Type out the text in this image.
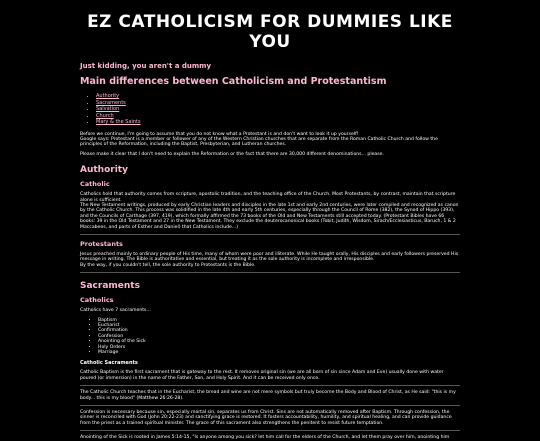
EZ CATHOLICISM FOR DUMMIES LIKE YOU
Just kidding, you aren't a dummy
Main differences between Catholicism and Protestantism
• Authority
• Sacraments
• Salvation
• Church
• Mary & the Saints

Before we continue, I'm going to assume that you do not know what a Protestant is and don't want to look it up yourself!
Google says: Protestant is a member or follower of any of the Western Christian churches that are separate from the Roman Catholic Church and follow the principles of the Reformation, including the Baptist, Presbyterian, and Lutheran churches.

Please make it clear that I don't need to explain the Reformation or the fact that there are 30,000 different denominations... please.

Authority
Catholic

Catholics hold that authority comes from scripture, apostolic tradition, and the teaching office of the Church. Most Protestants, by contrast, maintain that scripture alone is sufficient.
The New Testament writings, produced by early Christian leaders and disciples in the late 1st and early 2nd centuries, were later compiled and recognized as canon by the Catholic Church. This process was solidified in the late 4th and early 5th centuries, especially through the Council of Rome (382), the Synod of Hippo (393), and the Councils of Carthage (397, 419), which formally affirmed the 73 books of the Old and New Testaments still accepted today. (Protestant Bibles have 66 books: 39 in the Old Testament and 27 in the New Testament. They exclude the deuterocanonical books (Tobit, Judith, Wisdom, Sirach/Ecclesiasticus, Baruch, 1 & 2 Maccabees, and parts of Esther and Daniel) that Catholics include...)

Protestants

Jesus preached mainly to ordinary people of His time, many of whom were poor and illiterate. While He taught orally, His disciples and early followers preserved His message in writing. The Bible is authoritative and essential, but treating it as the sole authority is incomplete and irresponsible.
By the way, if you couldn't tell, the sole authority to Protestants is the Bible.

Sacraments
Catholics

Catholics have 7 sacraments...

• Baptism
• Eucharist
• Confirmation
• Confession
• Anointing of the Sick
• Holy Orders
• Marriage
Catholic Sacraments

Catholic Baptism is the first sacrament that is gateway to the rest. It removes original sin (we are all born of sin since Adam and Eve) usually done with water poured (or immersion) in the name of the Father, Son, and Holy Spirit. And it can be received only once.

The Catholic Church teaches that in the Eucharist, the bread and wine are not mere symbols but truly become the Body and Blood of Christ, as He said: "this is my body... this is my blood" (Matthew 26:26-28).

Confession is necessary because sin, especially mortal sin, separates us from Christ. Sins are not automatically removed after Baptism. Through confession, the sinner is reconciled with God (John 20:22-23) and sanctifying grace is restored. It fosters accountability, humility, and spiritual healing, and can provide guidance from the priest as a trained spiritual minister. The grace of this sacrament also strengthens the penitent to resist future temptation.

Anointing of the Sick is rooted in James 5:14-15, "Is anyone among you sick? let him call for the elders of the Church, and let them pray over him, anointing him
